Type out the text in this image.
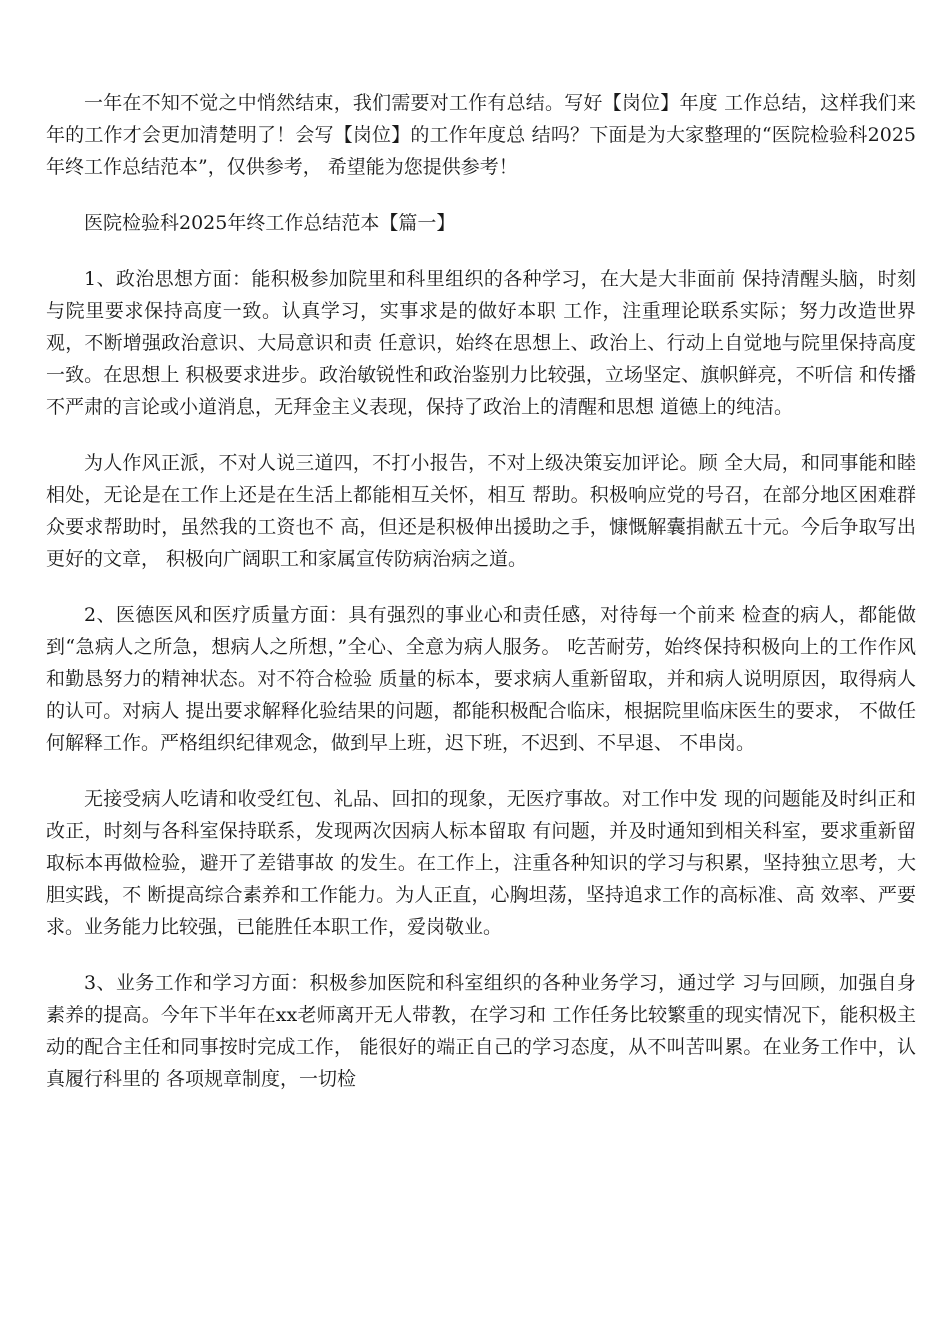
一年在不知不觉之中悄然结束，我们需要对工作有总结。写好【岗位】年度 工作总结，这样我们来年的工作才会更加清楚明了！会写【岗位】的工作年度总 结吗？下面是为大家整理的“医院检验科2025年终工作总结范本”，仅供参考， 希望能为您提供参考！

医院检验科2025年终工作总结范本【篇一】

1、政治思想方面：能积极参加院里和科里组织的各种学习，在大是大非面前 保持清醒头脑，时刻与院里要求保持高度一致。认真学习，实事求是的做好本职 工作，注重理论联系实际；努力改造世界观，不断增强政治意识、大局意识和责 任意识，始终在思想上、政治上、行动上自觉地与院里保持高度一致。在思想上 积极要求进步。政治敏锐性和政治鉴别力比较强，立场坚定、旗帜鲜亮，不听信 和传播不严肃的言论或小道消息，无拜金主义表现，保持了政治上的清醒和思想 道德上的纯洁。

为人作风正派，不对人说三道四，不打小报告，不对上级决策妄加评论。顾 全大局，和同事能和睦相处，无论是在工作上还是在生活上都能相互关怀，相互 帮助。积极响应党的号召，在部分地区困难群众要求帮助时，虽然我的工资也不 高，但还是积极伸出援助之手，慷慨解囊捐献五十元。今后争取写出更好的文章， 积极向广阔职工和家属宣传防病治病之道。

2、医德医风和医疗质量方面：具有强烈的事业心和责任感，对待每一个前来 检查的病人，都能做到“急病人之所急，想病人之所想，”全心、全意为病人服务。 吃苦耐劳，始终保持积极向上的工作作风和勤恳努力的精神状态。对不符合检验 质量的标本，要求病人重新留取，并和病人说明原因，取得病人的认可。对病人 提出要求解释化验结果的问题，都能积极配合临床，根据院里临床医生的要求， 不做任何解释工作。严格组织纪律观念，做到早上班，迟下班，不迟到、不早退、 不串岗。

无接受病人吃请和收受红包、礼品、回扣的现象，无医疗事故。对工作中发 现的问题能及时纠正和改正，时刻与各科室保持联系，发现两次因病人标本留取 有问题，并及时通知到相关科室，要求重新留取标本再做检验，避开了差错事故 的发生。在工作上，注重各种知识的学习与积累，坚持独立思考，大胆实践，不 断提高综合素养和工作能力。为人正直，心胸坦荡，坚持追求工作的高标准、高 效率、严要求。业务能力比较强，已能胜任本职工作，爱岗敬业。

3、业务工作和学习方面：积极参加医院和科室组织的各种业务学习，通过学 习与回顾，加强自身素养的提高。今年下半年在xx老师离开无人带教，在学习和 工作任务比较繁重的现实情况下，能积极主动的配合主任和同事按时完成工作， 能很好的端正自己的学习态度，从不叫苦叫累。在业务工作中，认真履行科里的 各项规章制度，一切检
